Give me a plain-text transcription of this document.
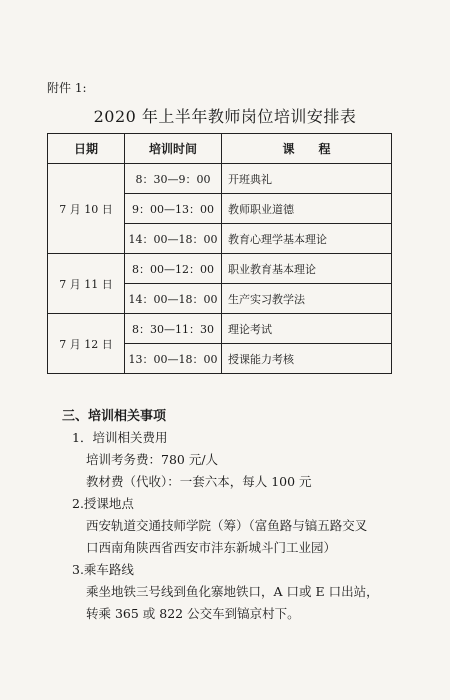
附件 1:
2020 年上半年教师岗位培训安排表
日期	培训时间	课　　程
7 月 10 日	8：30—9：00	开班典礼
	9：00—13：00	教师职业道德
	14：00—18：00	教育心理学基本理论
7 月 11 日	8：00—12：00	职业教育基本理论
	14：00—18：00	生产实习教学法
7 月 12 日	8：30—11：30	理论考试
	13：00—18：00	授课能力考核
三、培训相关事项
1．培训相关费用
培训考务费：780 元/人
教材费（代收）：一套六本，每人 100 元
2.授课地点
西安轨道交通技师学院（筹）（富鱼路与镐五路交叉
口西南角陕西省西安市沣东新城斗门工业园）
3.乘车路线
乘坐地铁三号线到鱼化寨地铁口，A 口或 E 口出站，
转乘 365 或 822 公交车到镐京村下。
